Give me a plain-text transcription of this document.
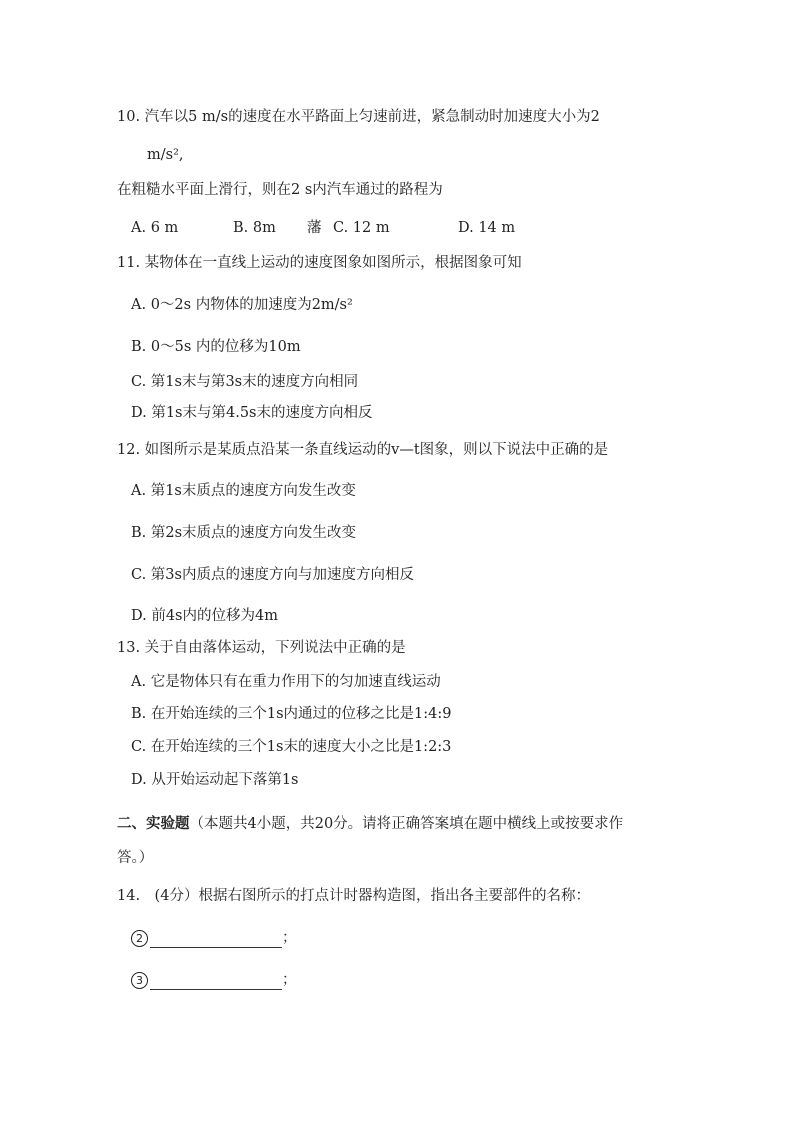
10. 汽车以5 m/s的速度在水平路面上匀速前进，紧急制动时加速度大小为2
m/s²,
在粗糙水平面上滑行，则在2 s内汽车通过的路程为
A. 6 m	B. 8m 藩 C. 12 m	D. 14 m
11. 某物体在一直线上运动的速度图象如图所示，根据图象可知
A. 0～2s 内物体的加速度为2m/s²
B. 0～5s 内的位移为10m
C. 第1s末与第3s末的速度方向相同
D. 第1s末与第4.5s末的速度方向相反
12. 如图所示是某质点沿某一条直线运动的v—t图象，则以下说法中正确的是
A. 第1s末质点的速度方向发生改变
B. 第2s末质点的速度方向发生改变
C. 第3s内质点的速度方向与加速度方向相反
D. 前4s内的位移为4m
13. 关于自由落体运动，下列说法中正确的是
A. 它是物体只有在重力作用下的匀加速直线运动
B. 在开始连续的三个1s内通过的位移之比是1:4:9
C. 在开始连续的三个1s末的速度大小之比是1:2:3
D. 从开始运动起下落第1s
二、实验题（本题共4小题，共20分。请将正确答案填在题中横线上或按要求作
答。）
14.　(4分）根据右图所示的打点计时器构造图，指出各主要部件的名称：
2	；
3	；
